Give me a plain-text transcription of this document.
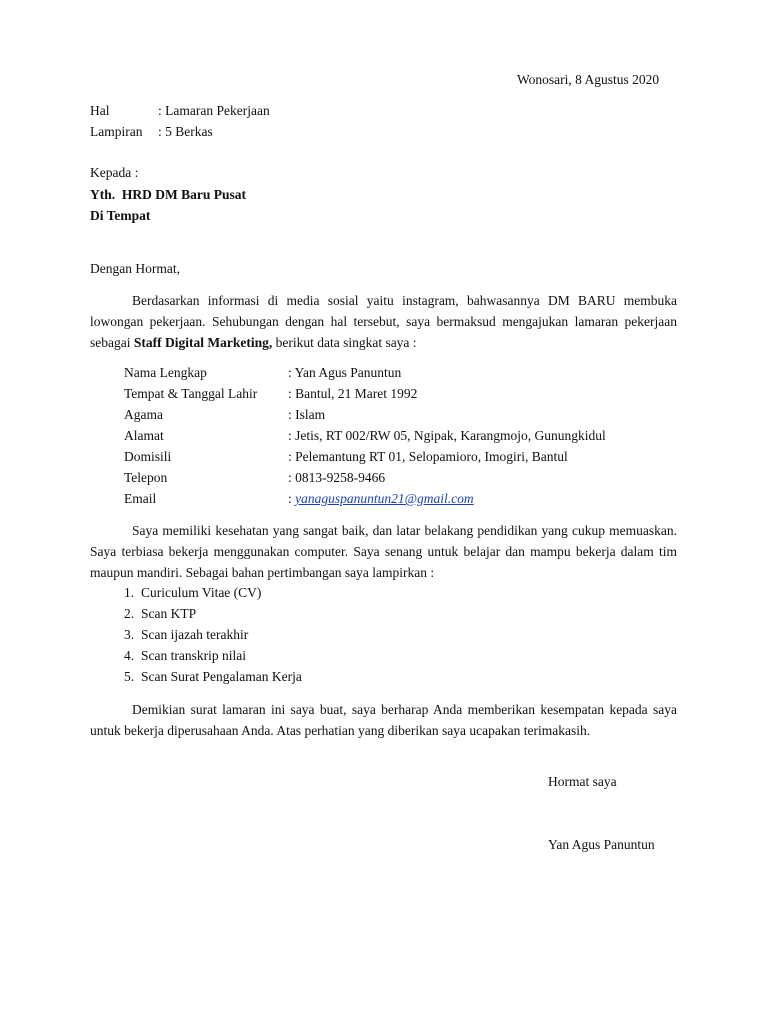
Wonosari, 8 Agustus 2020
Hal	: Lamaran Pekerjaan
Lampiran : 5 Berkas
Kepada :
Yth.  HRD DM Baru Pusat
Di Tempat
Dengan Hormat,
Berdasarkan informasi di media sosial yaitu instagram, bahwasannya DM BARU membuka lowongan pekerjaan. Sehubungan dengan hal tersebut, saya bermaksud mengajukan lamaran pekerjaan sebagai Staff Digital Marketing, berikut data singkat saya :
Nama Lengkap	: Yan Agus Panuntun
Tempat & Tanggal Lahir : Bantul, 21 Maret 1992
Agama	: Islam
Alamat	: Jetis, RT 002/RW 05, Ngipak, Karangmojo, Gunungkidul
Domisili	: Pelemantung RT 01, Selopamioro, Imogiri, Bantul
Telepon	: 0813-9258-9466
Email	: yanaguspanuntun21@gmail.com
Saya memiliki kesehatan yang sangat baik, dan latar belakang pendidikan yang cukup memuaskan. Saya terbiasa bekerja menggunakan computer. Saya senang untuk belajar dan mampu bekerja dalam tim maupun mandiri. Sebagai bahan pertimbangan saya lampirkan :
1. Curiculum Vitae (CV)
2. Scan KTP
3. Scan ijazah terakhir
4. Scan transkrip nilai
5. Scan Surat Pengalaman Kerja
Demikian surat lamaran ini saya buat, saya berharap Anda memberikan kesempatan kepada saya untuk bekerja diperusahaan Anda. Atas perhatian yang diberikan saya ucapakan terimakasih.
Hormat saya
Yan Agus Panuntun
